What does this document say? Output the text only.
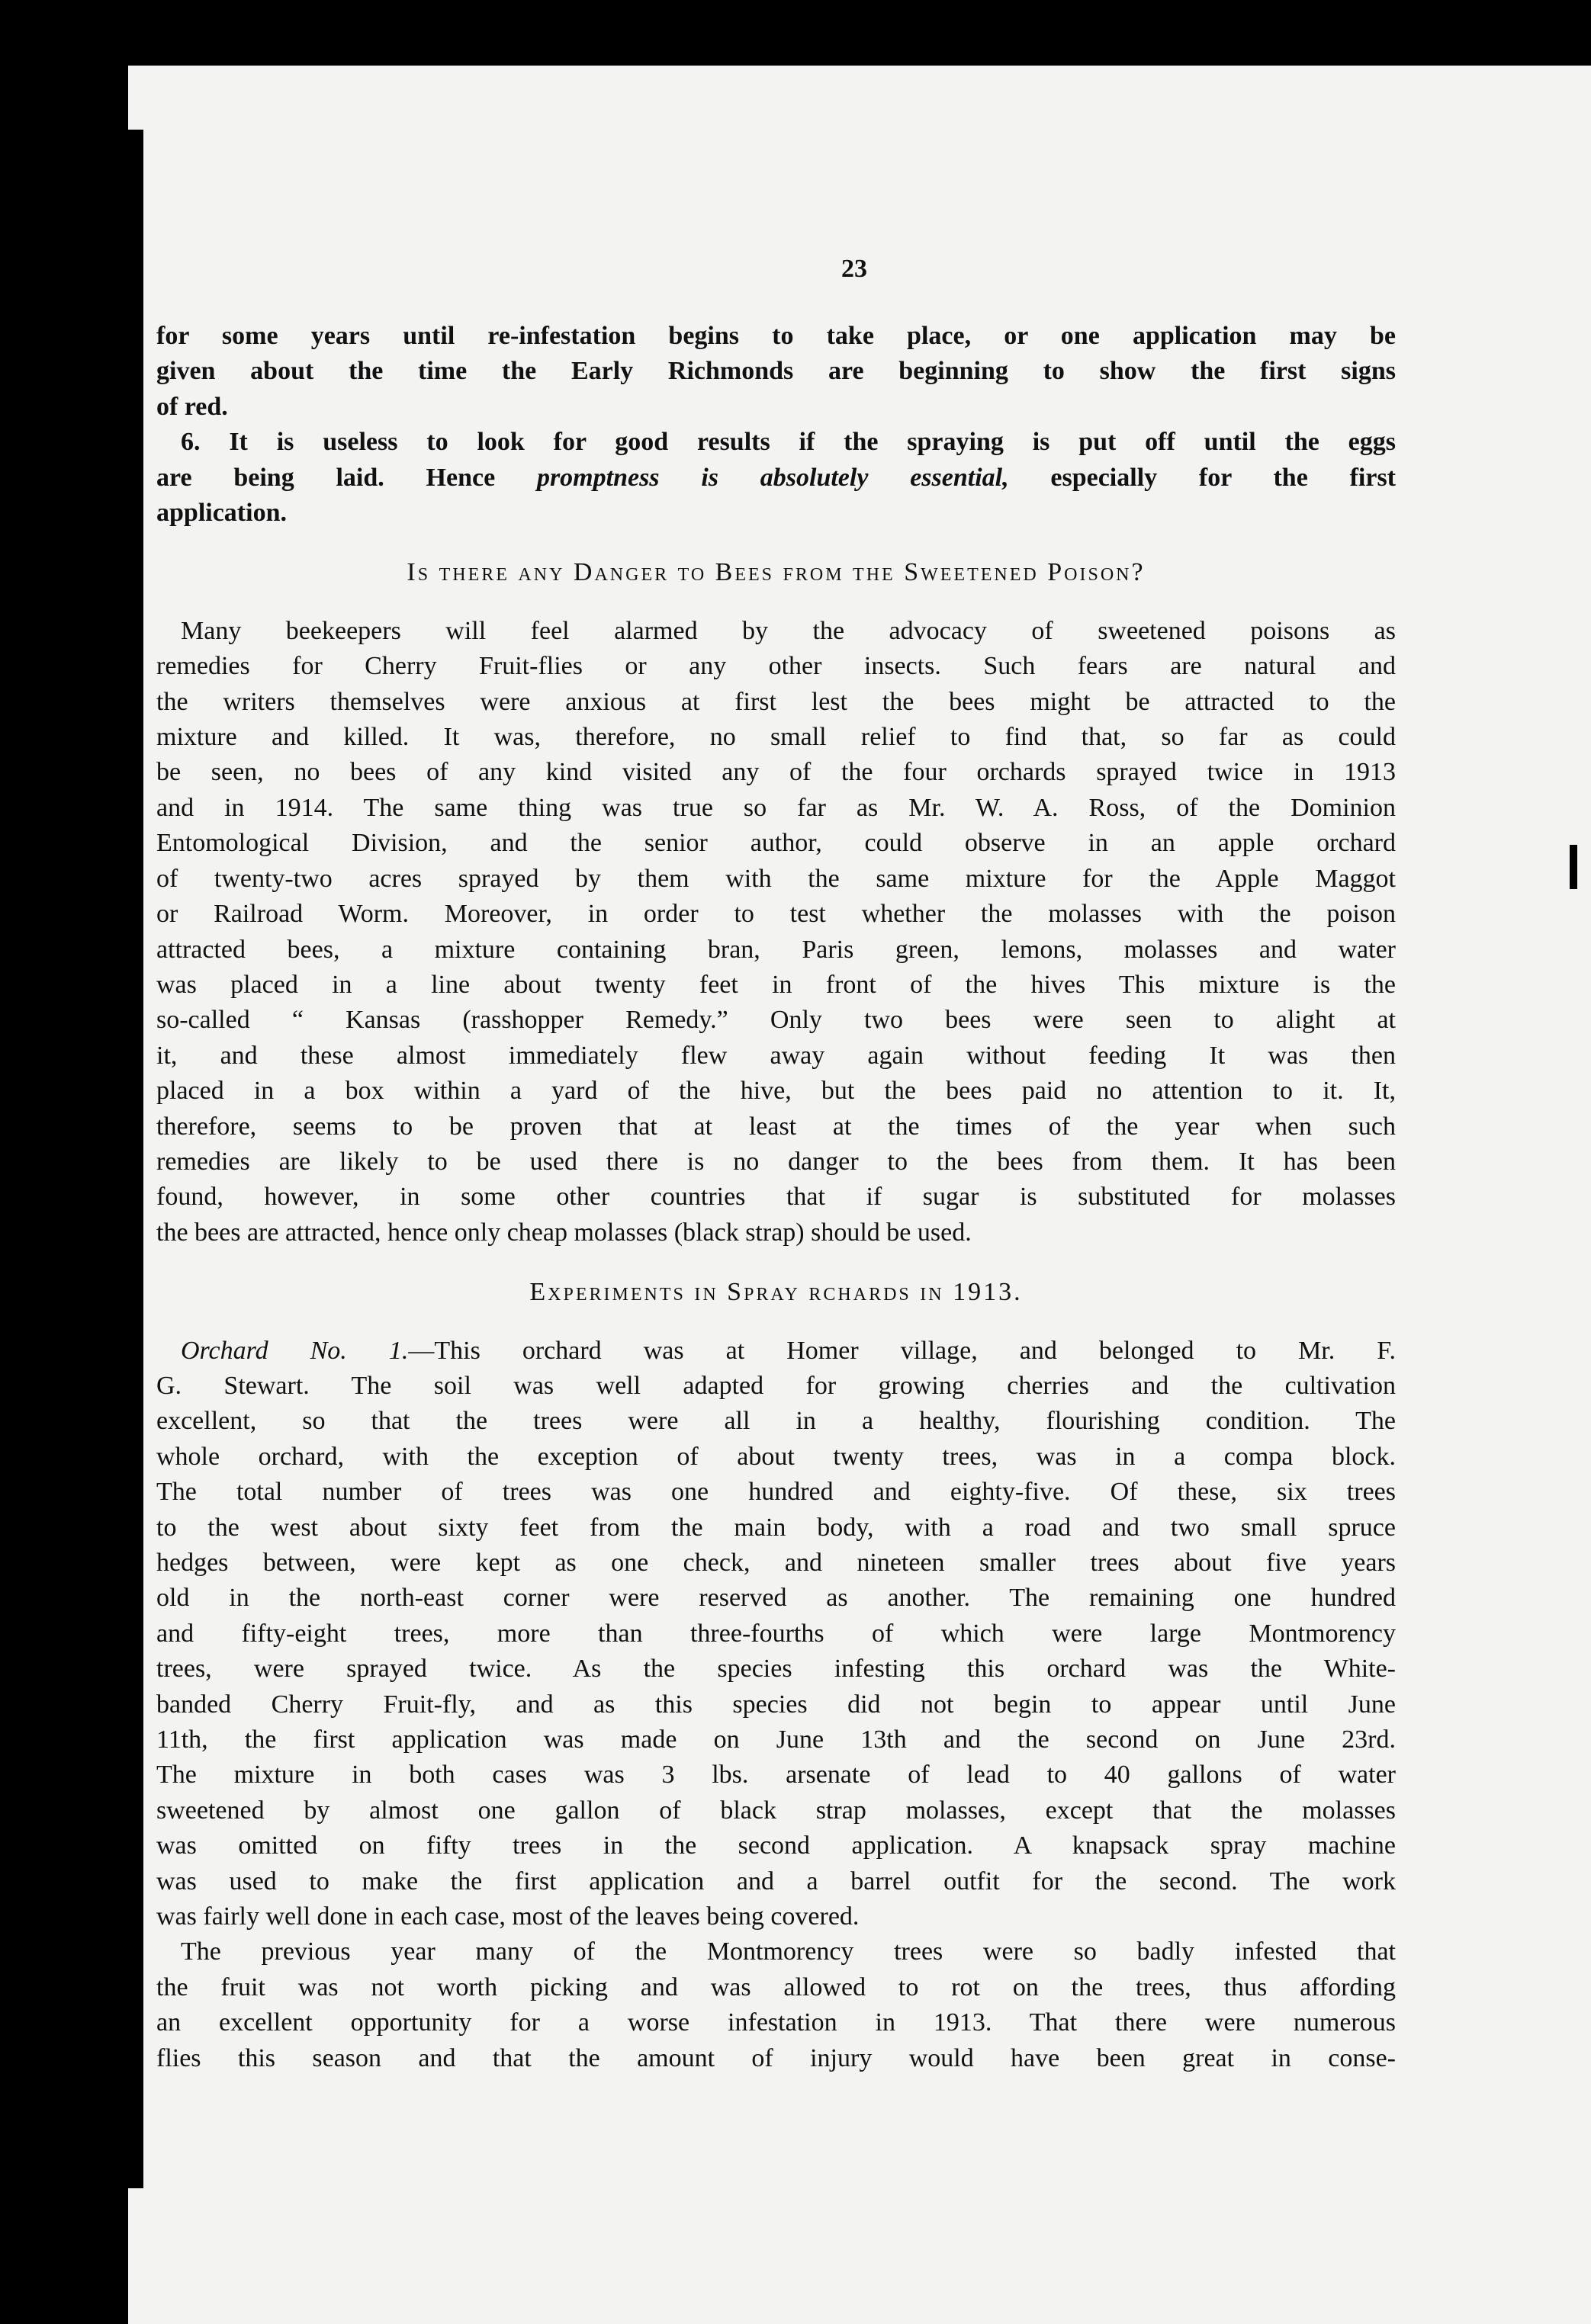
23
for some years until re-infestation begins to take place, or one application may be
given about the time the Early Richmonds are beginning to show the first signs
of red.
6. It is useless to look for good results if the spraying is put off until the eggs
are being laid. Hence promptness is absolutely essential, especially for the first
application.
Is there any Danger to Bees from the Sweetened Poison?
Many beekeepers will feel alarmed by the advocacy of sweetened poisons as
remedies for Cherry Fruit-flies or any other insects. Such fears are natural and
the writers themselves were anxious at first lest the bees might be attracted to the
mixture and killed. It was, therefore, no small relief to find that, so far as could
be seen, no bees of any kind visited any of the four orchards sprayed twice in 1913
and in 1914. The same thing was true so far as Mr. W. A. Ross, of the Dominion
Entomological Division, and the senior author, could observe in an apple orchard
of twenty-two acres sprayed by them with the same mixture for the Apple Maggot
or Railroad Worm. Moreover, in order to test whether the molasses with the poison
attracted bees, a mixture containing bran, Paris green, lemons, molasses and water
was placed in a line about twenty feet in front of the hives This mixture is the
so-called “ Kansas (rasshopper Remedy.” Only two bees were seen to alight at
it, and these almost immediately flew away again without feeding It was then
placed in a box within a yard of the hive, but the bees paid no attention to it. It,
therefore, seems to be proven that at least at the times of the year when such
remedies are likely to be used there is no danger to the bees from them. It has been
found, however, in some other countries that if sugar is substituted for molasses
the bees are attracted, hence only cheap molasses (black strap) should be used.
Experiments in Spray rchards in 1913.
Orchard No. 1.—This orchard was at Homer village, and belonged to Mr. F.
G. Stewart. The soil was well adapted for growing cherries and the cultivation
excellent, so that the trees were all in a healthy, flourishing condition. The
whole orchard, with the exception of about twenty trees, was in a compa block.
The total number of trees was one hundred and eighty-five. Of these, six trees
to the west about sixty feet from the main body, with a road and two small spruce
hedges between, were kept as one check, and nineteen smaller trees about five years
old in the north-east corner were reserved as another. The remaining one hundred
and fifty-eight trees, more than three-fourths of which were large Montmorency
trees, were sprayed twice. As the species infesting this orchard was the White-
banded Cherry Fruit-fly, and as this species did not begin to appear until June
11th, the first application was made on June 13th and the second on June 23rd.
The mixture in both cases was 3 lbs. arsenate of lead to 40 gallons of water
sweetened by almost one gallon of black strap molasses, except that the molasses
was omitted on fifty trees in the second application. A knapsack spray machine
was used to make the first application and a barrel outfit for the second. The work
was fairly well done in each case, most of the leaves being covered.
The previous year many of the Montmorency trees were so badly infested that
the fruit was not worth picking and was allowed to rot on the trees, thus affording
an excellent opportunity for a worse infestation in 1913. That there were numerous
flies this season and that the amount of injury would have been great in conse-
